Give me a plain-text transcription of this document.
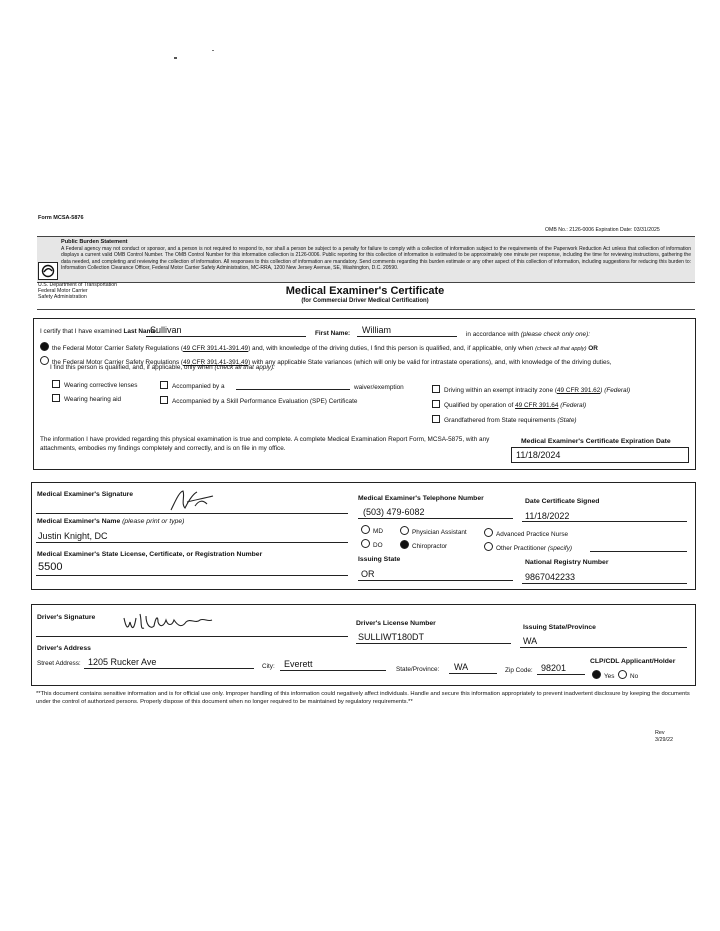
Form MCSA-5876
OMB No.: 2126-0006 Expiration Date: 03/31/2025
Public Burden Statement
A Federal agency may not conduct or sponsor, and a person is not required to respond to, nor shall a person be subject to a penalty for failure to comply with a collection of information subject to the requirements of the Paperwork Reduction Act unless that collection of information displays a current valid OMB Control Number. The OMB Control Number for this information collection is 2126-0006. Public reporting for this collection of information is estimated to be approximately one minute per response, including the time for reviewing instructions, gathering the data needed, and completing and reviewing the collection of information. All responses to this collection of information are mandatory. Send comments regarding this burden estimate or any other aspect of this collection of information, including suggestions for reducing this burden to: Information Collection Clearance Officer, Federal Motor Carrier Safety Administration, MC-RRA, 1200 New Jersey Avenue, SE, Washington, D.C. 20590.
U.S. Department of Transportation
Federal Motor Carrier
Safety Administration	Medical Examiner's Certificate
(for Commercial Driver Medical Certification)
I certify that I have examined Last Name:
Sullivan	First Name: William	in accordance with (please check only one):
the Federal Motor Carrier Safety Regulations (49 CFR 391.41-391.49) and, with knowledge of the driving duties, I find this person is qualified, and, if applicable, only when (check all that apply) OR
the Federal Motor Carrier Safety Regulations (49 CFR 391.41-391.49) with any applicable State variances (which will only be valid for intrastate operations), and, with knowledge of the driving duties,
I find this person is qualified, and, if applicable, only when (check all that apply):
Wearing corrective lenses	Accompanied by a	waiver/exemption	Driving within an exempt intracity zone (49 CFR 391.62) (Federal)
Wearing hearing aid	Accompanied by a Skill Performance Evaluation (SPE) Certificate
Qualified by operation of 49 CFR 391.64 (Federal)
Grandfathered from State requirements (State)
The information I have provided regarding this physical examination is true and complete. A complete Medical Examination Report Form, MCSA-5875, with any attachments, embodies my findings completely and correctly, and is on file in my office.
Medical Examiner's Certificate Expiration Date
11/18/2024
Medical Examiner's Signature
Medical Examiner's Telephone Number
(503) 479-6082
Date Certificate Signed
11/18/2022
Medical Examiner's Name (please print or type)
Justin Knight, DC	MD	Physician Assistant	Advanced Practice Nurse
DO	Chiropractor	Other Practitioner (specify)
Medical Examiner's State License, Certificate, or Registration Number
5500
Issuing State
OR
National Registry Number
9867042233
Driver's Signature
Driver's License Number
SULLIWT180DT
Issuing State/Province
WA
Driver's Address
Street Address: 1205 Rucker Ave	City: Everett
State/Province: WA	Zip Code: 98201
CLP/CDL Applicant/Holder
Yes	No
**This document contains sensitive information and is for official use only. Improper handling of this information could negatively affect individuals. Handle and secure this information appropriately to prevent inadvertent disclosure by keeping the documents under the control of authorized persons. Properly dispose of this document when no longer required to be maintained by regulatory requirements.**
Rev
3/29/22
